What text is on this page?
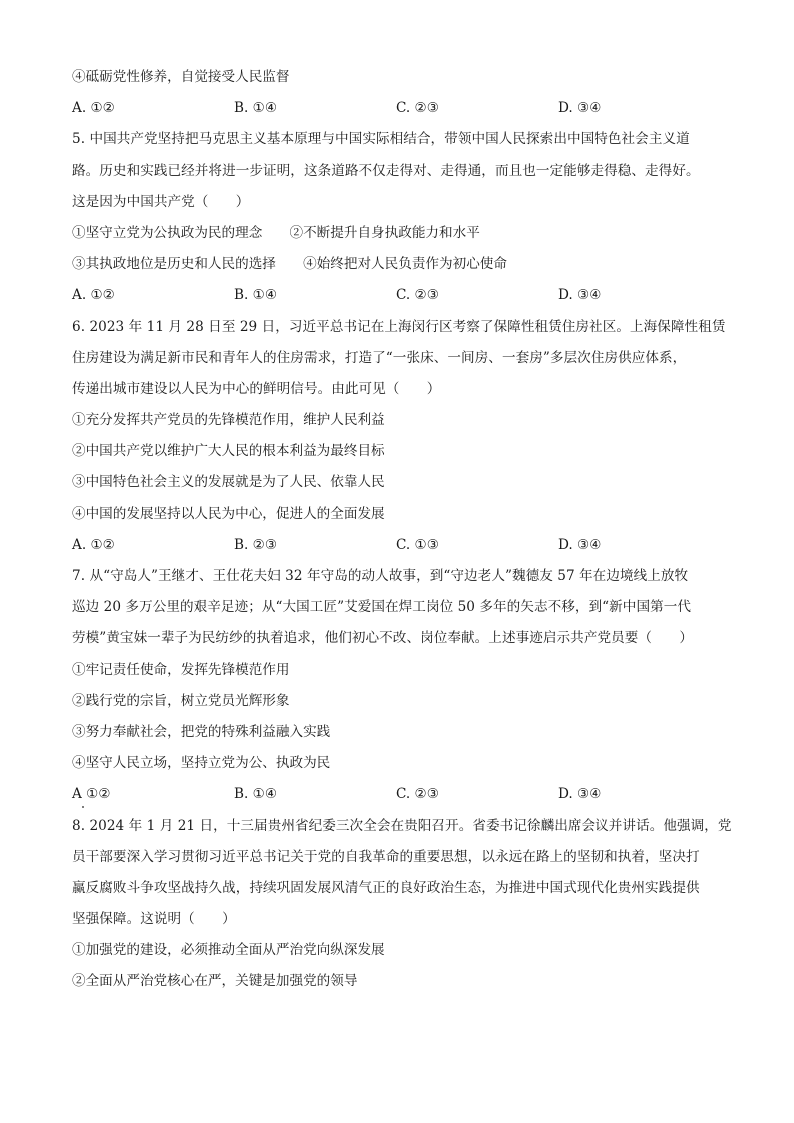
④砥砺党性修养，自觉接受人民监督
A. ①②	B. ①④	C. ②③	D. ③④
5. 中国共产党坚持把马克思主义基本原理与中国实际相结合，带领中国人民探索出中国特色社会主义道
路。历史和实践已经并将进一步证明，这条道路不仅走得对、走得通，而且也一定能够走得稳、走得好。
这是因为中国共产党（　　）
①坚守立党为公执政为民的理念　　②不断提升自身执政能力和水平
③其执政地位是历史和人民的选择　　④始终把对人民负责作为初心使命
A. ①②	B. ①④	C. ②③	D. ③④
6. 2023 年 11 月 28 日至 29 日，习近平总书记在上海闵行区考察了保障性租赁住房社区。上海保障性租赁
住房建设为满足新市民和青年人的住房需求，打造了“一张床、一间房、一套房”多层次住房供应体系，
传递出城市建设以人民为中心的鲜明信号。由此可见（　　）
①充分发挥共产党员的先锋模范作用，维护人民利益
②中国共产党以维护广大人民的根本利益为最终目标
③中国特色社会主义的发展就是为了人民、依靠人民
④中国的发展坚持以人民为中心，促进人的全面发展
A. ①②	B. ②③	C. ①③	D. ③④
7. 从“守岛人”王继才、王仕花夫妇 32 年守岛的动人故事，到“守边老人”魏德友 57 年在边境线上放牧
巡边 20 多万公里的艰辛足迹；从“大国工匠”艾爱国在焊工岗位 50 多年的矢志不移，到“新中国第一代
劳模”黄宝妹一辈子为民纺纱的执着追求，他们初心不改、岗位奉献。上述事迹启示共产党员要（　　）
①牢记责任使命，发挥先锋模范作用
②践行党的宗旨，树立党员光辉形象
③努力奉献社会，把党的特殊利益融入实践
④坚守人民立场，坚持立党为公、执政为民
A ①②	B. ①④	C. ②③	D. ③④
8. 2024 年 1 月 21 日，十三届贵州省纪委三次全会在贵阳召开。省委书记徐麟出席会议并讲话。他强调，党
员干部要深入学习贯彻习近平总书记关于党的自我革命的重要思想，以永远在路上的坚韧和执着，坚决打
赢反腐败斗争攻坚战持久战，持续巩固发展风清气正的良好政治生态，为推进中国式现代化贵州实践提供
坚强保障。这说明（　　）
①加强党的建设，必须推动全面从严治党向纵深发展
②全面从严治党核心在严，关键是加强党的领导
